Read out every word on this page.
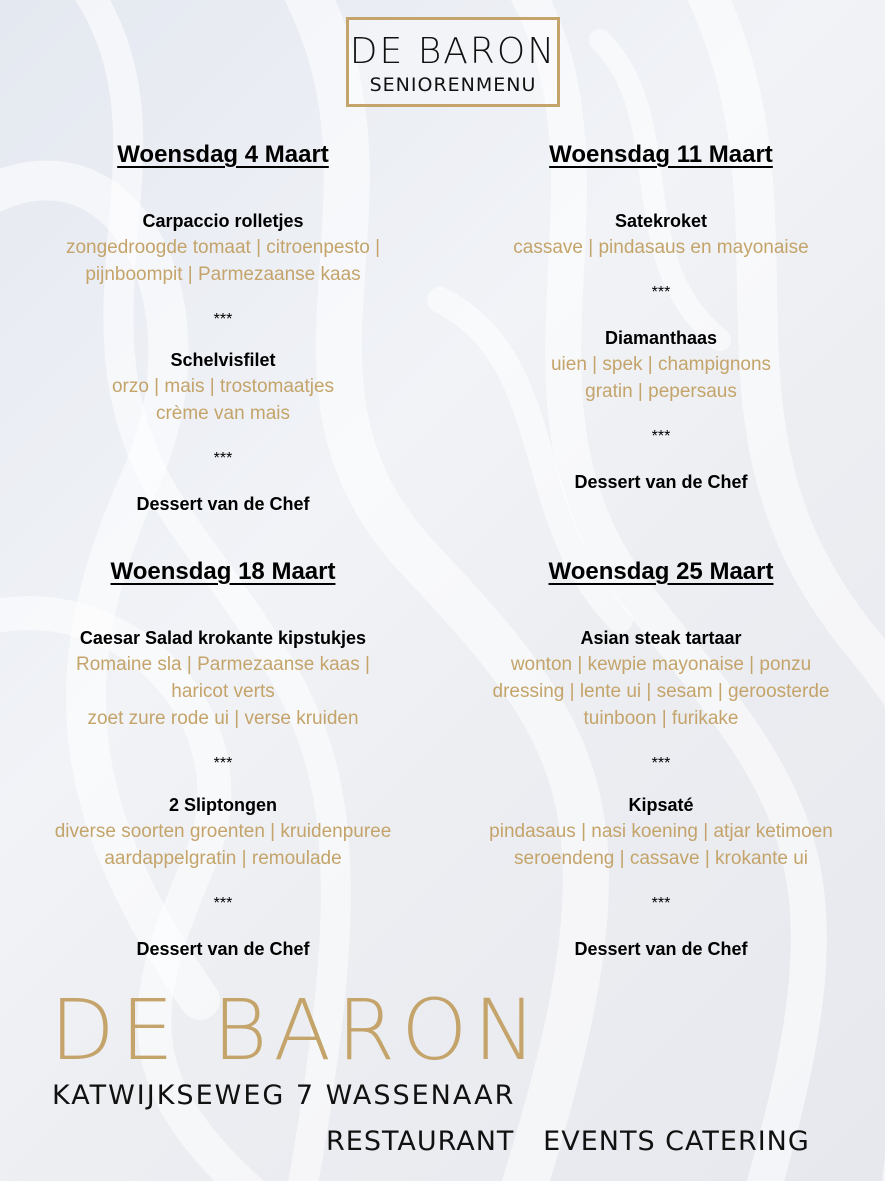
DE BARON
SENIORENMENU
Woensdag 4 Maart
Carpaccio rolletjes
zongedroogde tomaat | citroenpesto |
pijnboompit | Parmezaanse kaas
***
Schelvisfilet
orzo | mais | trostomaatjes
crème van mais
***
Dessert van de Chef
Woensdag 11 Maart
Satekroket
cassave | pindasaus en mayonaise
***
Diamanthaas
uien | spek | champignons
gratin | pepersaus
***
Dessert van de Chef
Woensdag 18 Maart
Caesar Salad krokante kipstukjes
Romaine sla | Parmezaanse kaas |
haricot verts
zoet zure rode ui | verse kruiden
***
2 Sliptongen
diverse soorten groenten | kruidenpuree
aardappelgratin | remoulade
***
Dessert van de Chef
Woensdag 25 Maart
Asian steak tartaar
wonton | kewpie mayonaise | ponzu
dressing | lente ui | sesam | geroosterde
tuinboon | furikake
***
Kipsaté
pindasaus | nasi koening | atjar ketimoen
seroendeng | cassave | krokante ui
***
Dessert van de Chef
DE BARON
KATWIJKSEWEG 7 WASSENAAR
RESTAURANT EVENTS CATERING
